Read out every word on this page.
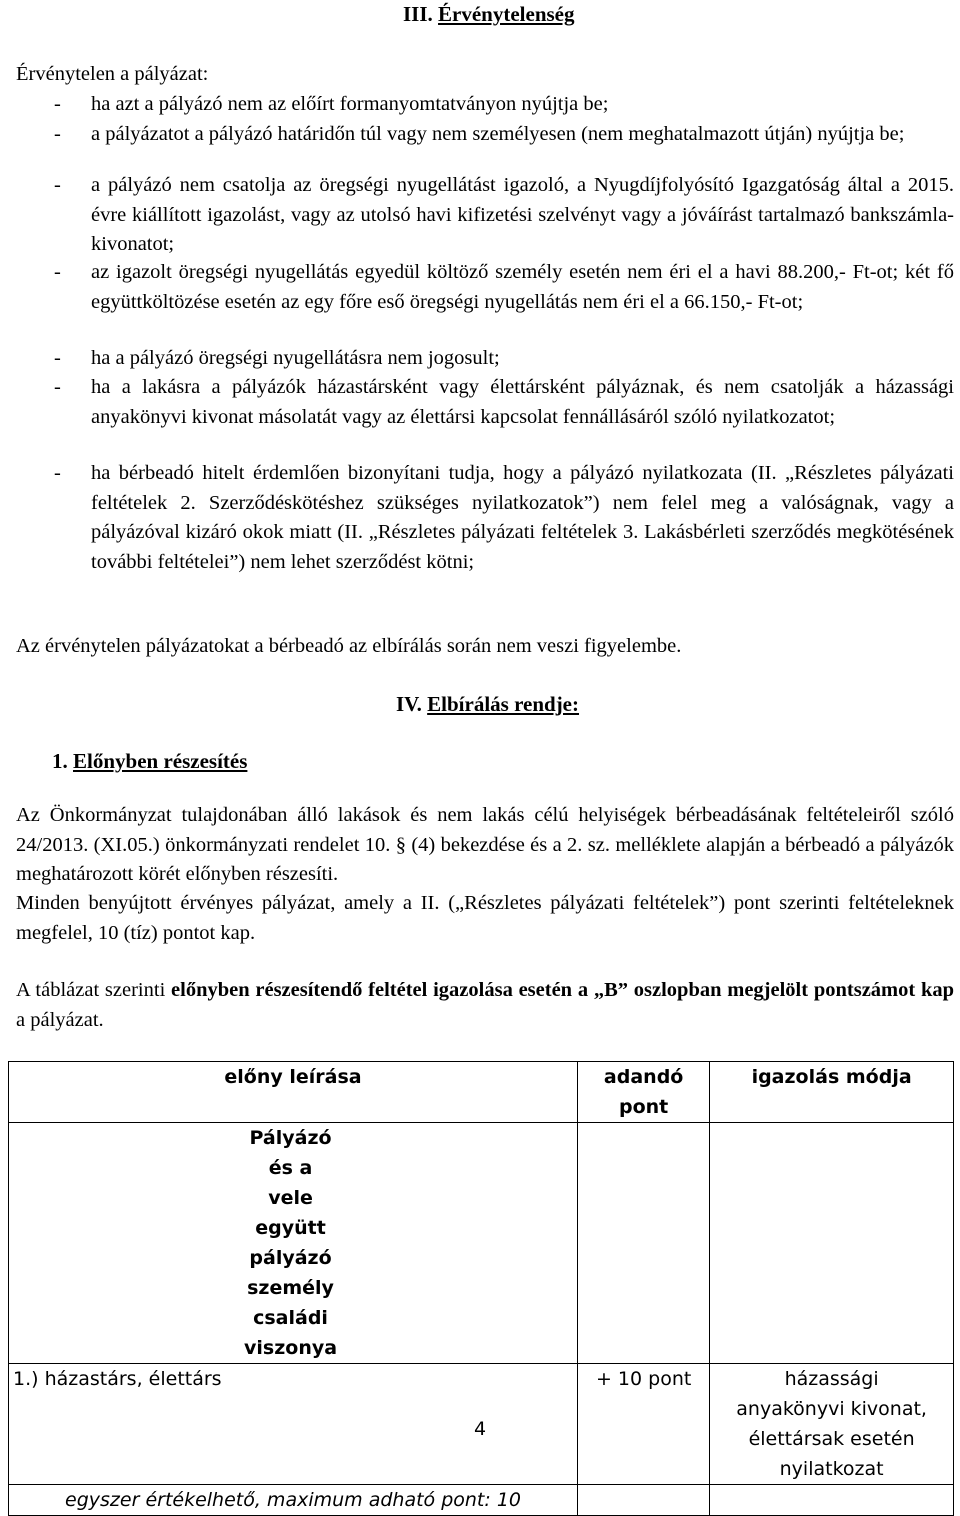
III. Érvénytelenség
Érvénytelen a pályázat:
- ha azt a pályázó nem az előírt formanyomtatványon nyújtja be;
- a pályázatot a pályázó határidőn túl vagy nem személyesen (nem meghatalmazott útján) nyújtja be;
- a pályázó nem csatolja az öregségi nyugellátást igazoló, a Nyugdíjfolyósító Igazgatóság által a 2015. évre kiállított igazolást, vagy az utolsó havi kifizetési szelvényt vagy a jóváírást tartalmazó bankszámla-kivonatot;
- az igazolt öregségi nyugellátás egyedül költöző személy esetén nem éri el a havi 88.200,- Ft-ot; két fő együttköltözése esetén az egy főre eső öregségi nyugellátás nem éri el a 66.150,- Ft-ot;
- ha a pályázó öregségi nyugellátásra nem jogosult;
- ha a lakásra a pályázók házastársként vagy élettársként pályáznak, és nem csatolják a házassági anyakönyvi kivonat másolatát vagy az élettársi kapcsolat fennállásáról szóló nyilatkozatot;
- ha bérbeadó hitelt érdemlően bizonyítani tudja, hogy a pályázó nyilatkozata (II. „Részletes pályázati feltételek 2. Szerződéskötéshez szükséges nyilatkozatok”) nem felel meg a valóságnak, vagy a pályázóval kizáró okok miatt (II. „Részletes pályázati feltételek 3. Lakásbérleti szerződés megkötésének további feltételei”) nem lehet szerződést kötni;
Az érvénytelen pályázatokat a bérbeadó az elbírálás során nem veszi figyelembe.
IV. Elbírálás rendje:
1. Előnyben részesítés

Az Önkormányzat tulajdonában álló lakások és nem lakás célú helyiségek bérbeadásának feltételeiről szóló 24/2013. (XI.05.) önkormányzati rendelet 10. § (4) bekezdése és a 2. sz. melléklete alapján a bérbeadó a pályázók meghatározott körét előnyben részesíti.

Minden benyújtott érvényes pályázat, amely a II. („Részletes pályázati feltételek”) pont szerinti feltételeknek megfelel, 10 (tíz) pontot kap.

A táblázat szerinti előnyben részesítendő feltétel igazolása esetén a „B” oszlopban megjelölt pontszámot kap a pályázat.

előny leírása	adandó pont	igazolás módja
Pályázó és a vele együtt pályázó személy családi viszonya		
1.) házastárs, élettárs	+ 10 pont	házassági anyakönyvi kivonat, élettársak esetén nyilatkozat
egyszer értékelhető, maximum adható pont: 10		
4
